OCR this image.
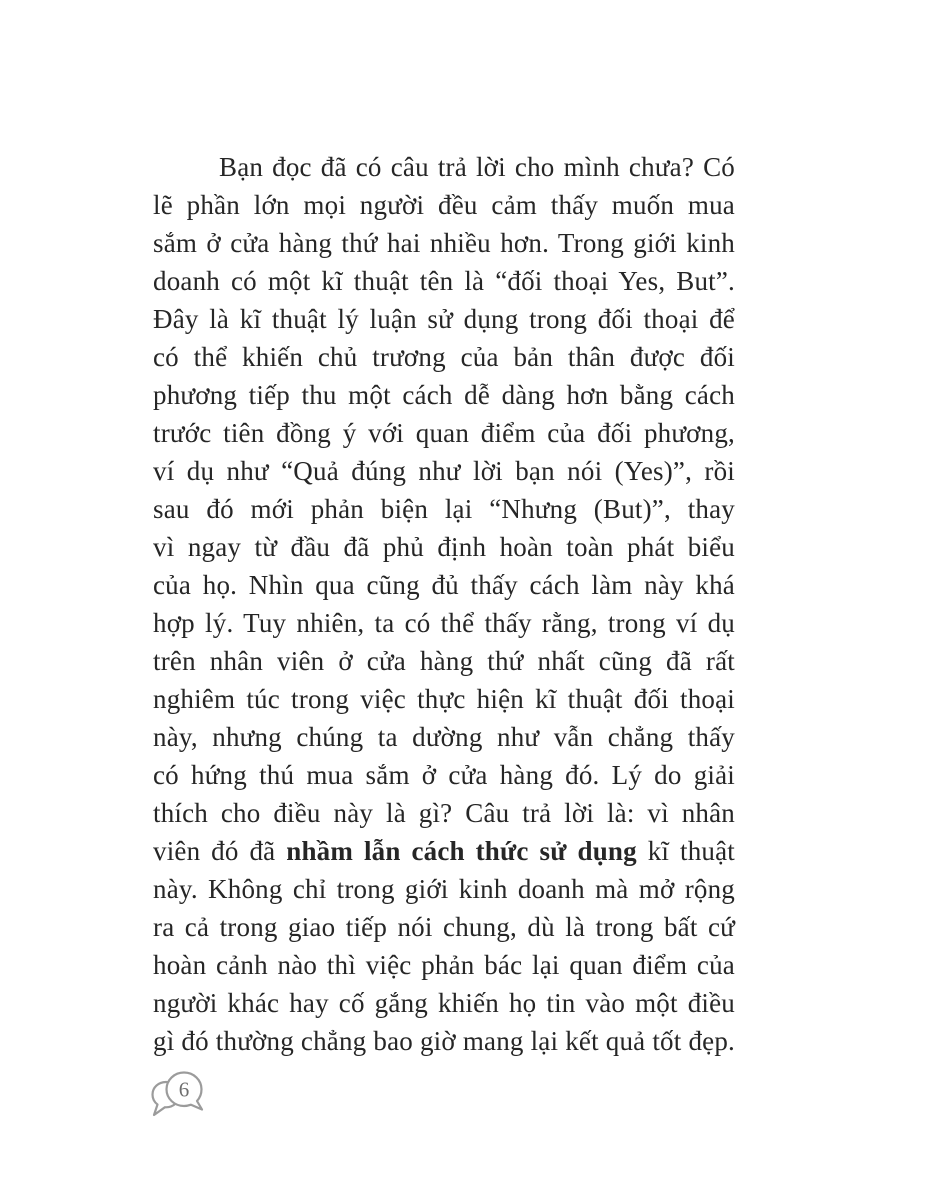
Bạn đọc đã có câu trả lời cho mình chưa? Có

lẽ phần lớn mọi người đều cảm thấy muốn mua

sắm ở cửa hàng thứ hai nhiều hơn. Trong giới kinh

doanh có một kĩ thuật tên là “đối thoại Yes, But”.

Đây là kĩ thuật lý luận sử dụng trong đối thoại để

có thể khiến chủ trương của bản thân được đối

phương tiếp thu một cách dễ dàng hơn bằng cách

trước tiên đồng ý với quan điểm của đối phương,

ví dụ như “Quả đúng như lời bạn nói (Yes)”, rồi

sau đó mới phản biện lại “Nhưng (But)”, thay

vì ngay từ đầu đã phủ định hoàn toàn phát biểu

của họ. Nhìn qua cũng đủ thấy cách làm này khá

hợp lý. Tuy nhiên, ta có thể thấy rằng, trong ví dụ

trên nhân viên ở cửa hàng thứ nhất cũng đã rất

nghiêm túc trong việc thực hiện kĩ thuật đối thoại

này, nhưng chúng ta dường như vẫn chẳng thấy

có hứng thú mua sắm ở cửa hàng đó. Lý do giải

thích cho điều này là gì? Câu trả lời là: vì nhân

viên đó đã nhầm lẫn cách thức sử dụng kĩ thuật

này. Không chỉ trong giới kinh doanh mà mở rộng

ra cả trong giao tiếp nói chung, dù là trong bất cứ

hoàn cảnh nào thì việc phản bác lại quan điểm của

người khác hay cố gắng khiến họ tin vào một điều

gì đó thường chẳng bao giờ mang lại kết quả tốt đẹp.

6
